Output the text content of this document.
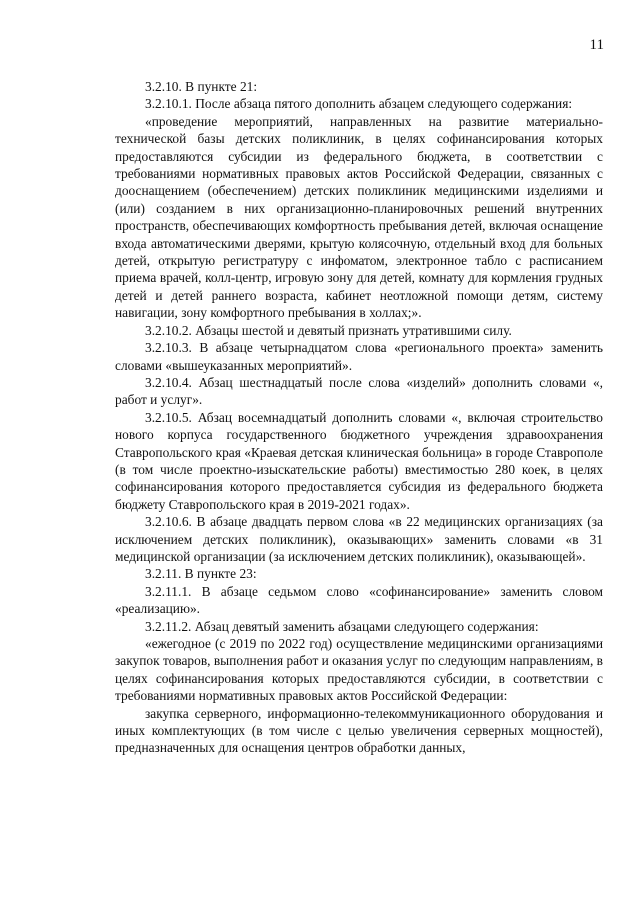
11

3.2.10. В пункте 21:

3.2.10.1. После абзаца пятого дополнить абзацем следующего содержания:

«проведение мероприятий, направленных на развитие материально-технической базы детских поликлиник, в целях софинансирования которых предоставляются субсидии из федерального бюджета, в соответствии с требованиями нормативных правовых актов Российской Федерации, связанных с дооснащением (обеспечением) детских поликлиник медицинскими изделиями и (или) созданием в них организационно-планировочных решений внутренних пространств, обеспечивающих комфортность пребывания детей, включая оснащение входа автоматическими дверями, крытую колясочную, отдельный вход для больных детей, открытую регистратуру с инфоматом, электронное табло с расписанием приема врачей, колл-центр, игровую зону для детей, комнату для кормления грудных детей и детей раннего возраста, кабинет неотложной помощи детям, систему навигации, зону комфортного пребывания в холлах;».

3.2.10.2. Абзацы шестой и девятый признать утратившими силу.

3.2.10.3. В абзаце четырнадцатом слова «регионального проекта» заменить словами «вышеуказанных мероприятий».

3.2.10.4. Абзац шестнадцатый после слова «изделий» дополнить словами «, работ и услуг».

3.2.10.5. Абзац восемнадцатый дополнить словами «, включая строительство нового корпуса государственного бюджетного учреждения здравоохранения Ставропольского края «Краевая детская клиническая больница» в городе Ставрополе (в том числе проектно-изыскательские работы) вместимостью 280 коек, в целях софинансирования которого предоставляется субсидия из федерального бюджета бюджету Ставропольского края в 2019-2021 годах».

3.2.10.6. В абзаце двадцать первом слова «в 22 медицинских организациях (за исключением детских поликлиник), оказывающих» заменить словами «в 31 медицинской организации (за исключением детских поликлиник), оказывающей».

3.2.11. В пункте 23:

3.2.11.1. В абзаце седьмом слово «софинансирование» заменить словом «реализацию».

3.2.11.2. Абзац девятый заменить абзацами следующего содержания:

«ежегодное (с 2019 по 2022 год) осуществление медицинскими организациями закупок товаров, выполнения работ и оказания услуг по следующим направлениям, в целях софинансирования которых предоставляются субсидии, в соответствии с требованиями нормативных правовых актов Российской Федерации:

закупка серверного, информационно-телекоммуникационного оборудования и иных комплектующих (в том числе с целью увеличения серверных мощностей), предназначенных для оснащения центров обработки данных,
